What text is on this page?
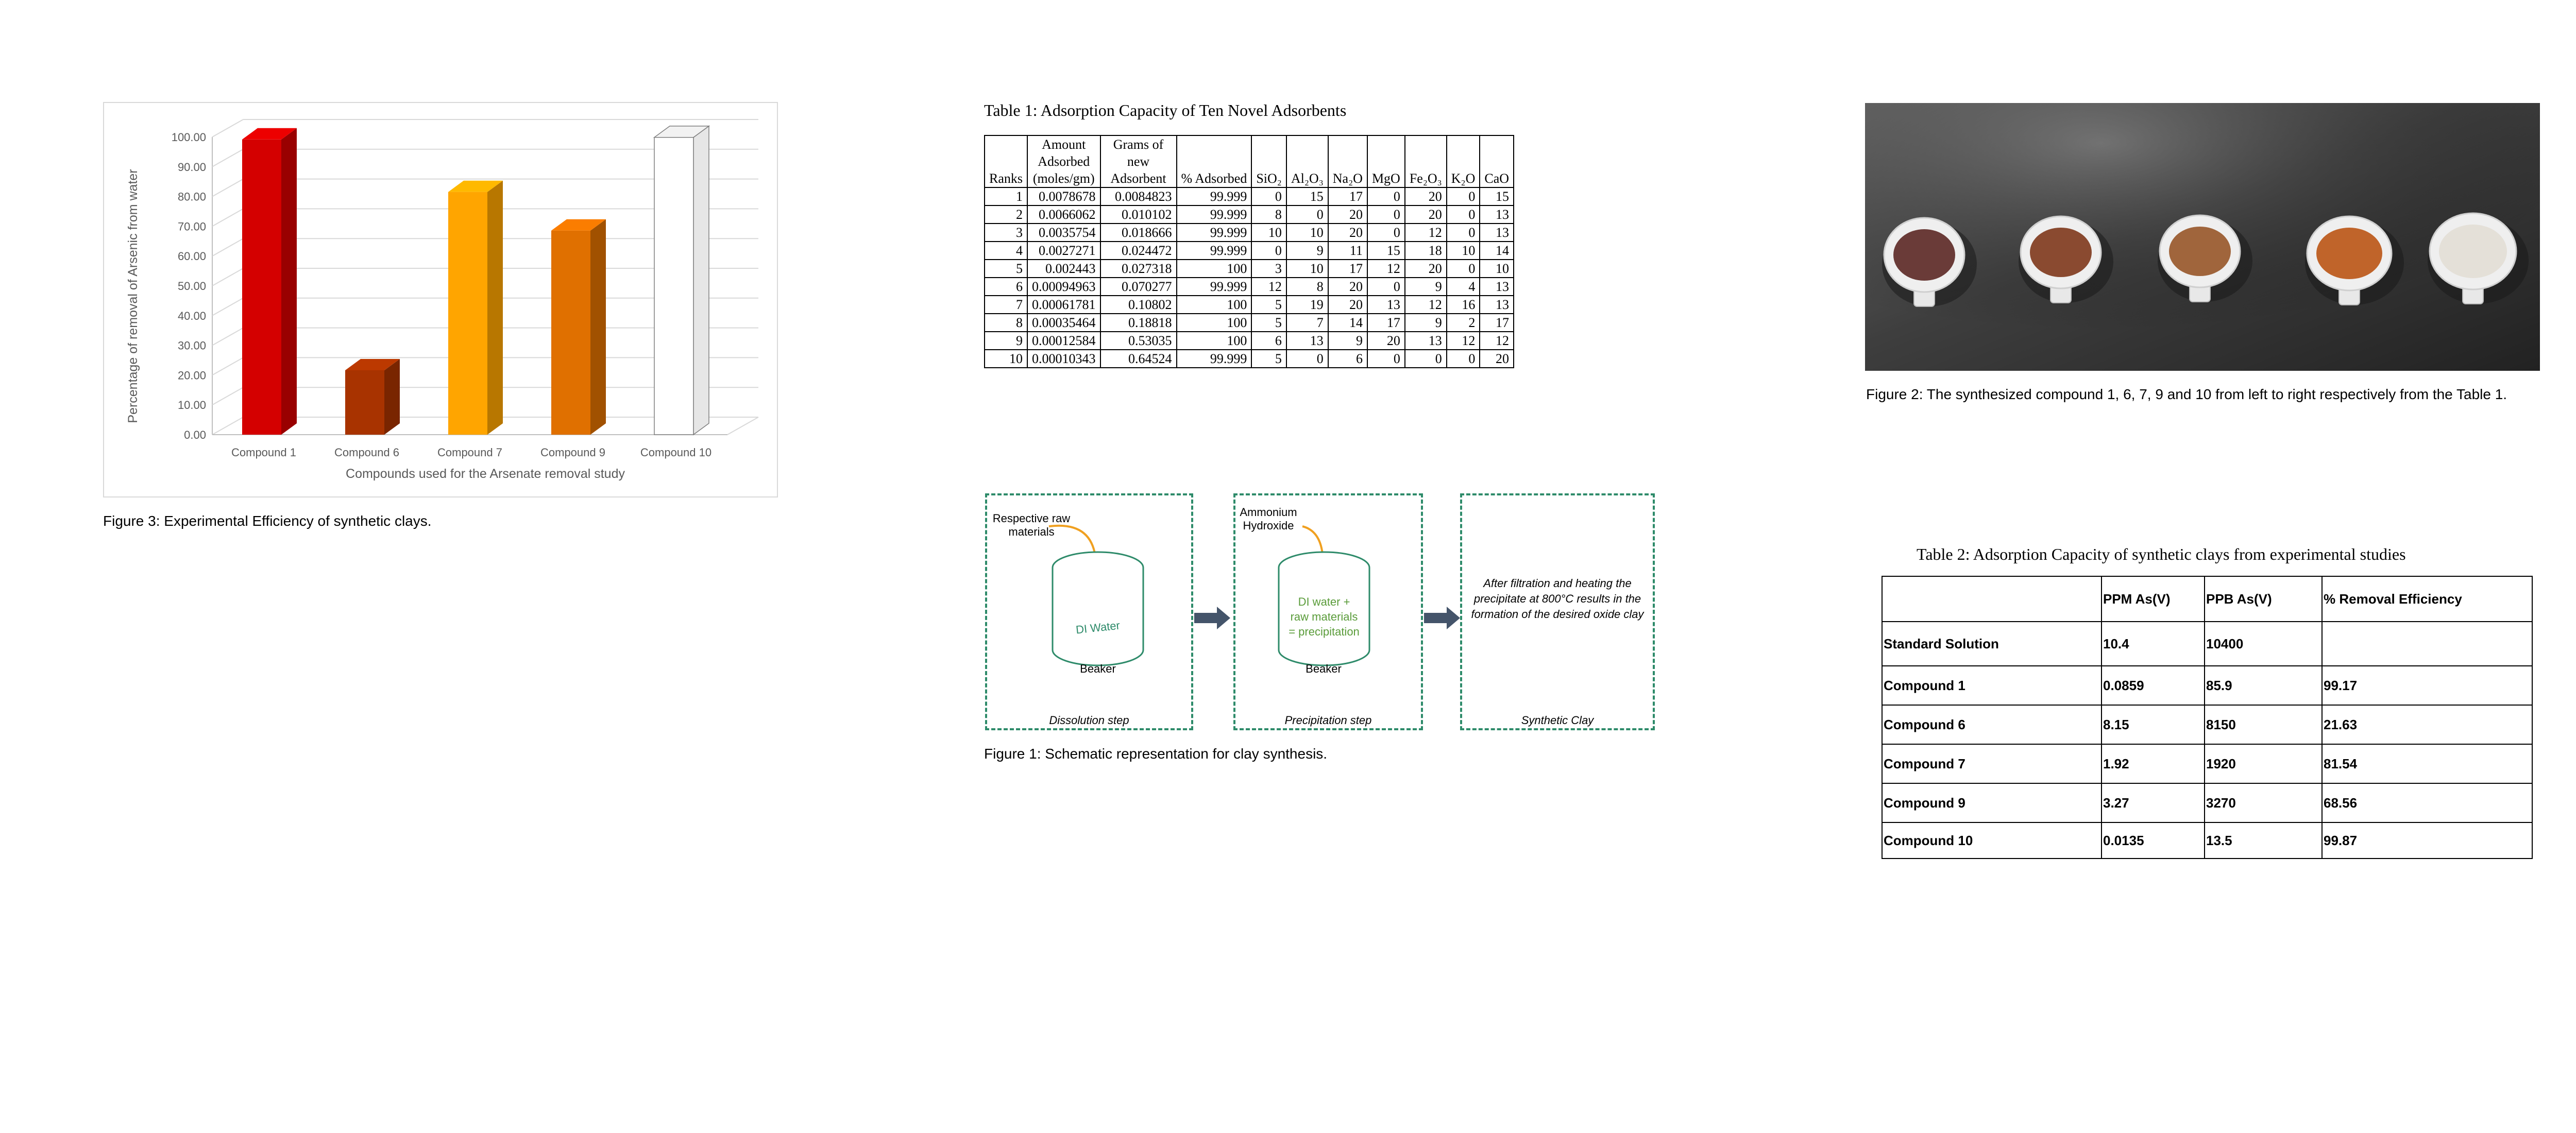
0.00
10.00
20.00
30.00
40.00
50.00
60.00
70.00
80.00
90.00
100.00
Compound 1	Compound 6	Compound 7	Compound 9	Compound 10
Compounds used for the Arsenate removal study
Percentage of removal of Arsenic from water
Figure 3: Experimental Efficiency of synthetic clays.
Table 1: Adsorption Capacity of Ten Novel Adsorbents
Ranks	Amount Adsorbed (moles/gm)	Grams of new Adsorbent	% Adsorbed	SiO₂	Al₂O₃	Na₂O	MgO	Fe₂O₃	K₂O	CaO
1	0.0078678	0.0084823	99.999	0	15	17	0	20	0	15
2	0.0066062	0.010102	99.999	8	0	20	0	20	0	13
3	0.0035754	0.018666	99.999	10	10	20	0	12	0	13
4	0.0027271	0.024472	99.999	0	9	11	15	18	10	14
5	0.002443	0.027318	100	3	10	17	12	20	0	10
6	0.00094963	0.070277	99.999	12	8	20	0	9	4	13
7	0.00061781	0.10802	100	5	19	20	13	12	16	13
8	0.00035464	0.18818	100	5	7	14	17	9	2	17
9	0.00012584	0.53035	100	6	13	9	20	13	12	12
10	0.00010343	0.64524	99.999	5	0	6	0	0	0	20
Respective raw materials
DI Water
Beaker
Dissolution step
Ammonium Hydroxide
DI water + raw materials = precipitation
Beaker
Precipitation step
After filtration and heating the precipitate at 800°C results in the formation of the desired oxide clay
Synthetic Clay
Figure 1: Schematic representation for clay synthesis.
Figure 2: The synthesized compound 1, 6, 7, 9 and 10 from left to right respectively from the Table 1.
Table 2: Adsorption Capacity of synthetic clays from experimental studies
	PPM As(V)	PPB As(V)	% Removal Efficiency
Standard Solution	10.4	10400	
Compound 1	0.0859	85.9	99.17
Compound 6	8.15	8150	21.63
Compound 7	1.92	1920	81.54
Compound 9	3.27	3270	68.56
Compound 10	0.0135	13.5	99.87
